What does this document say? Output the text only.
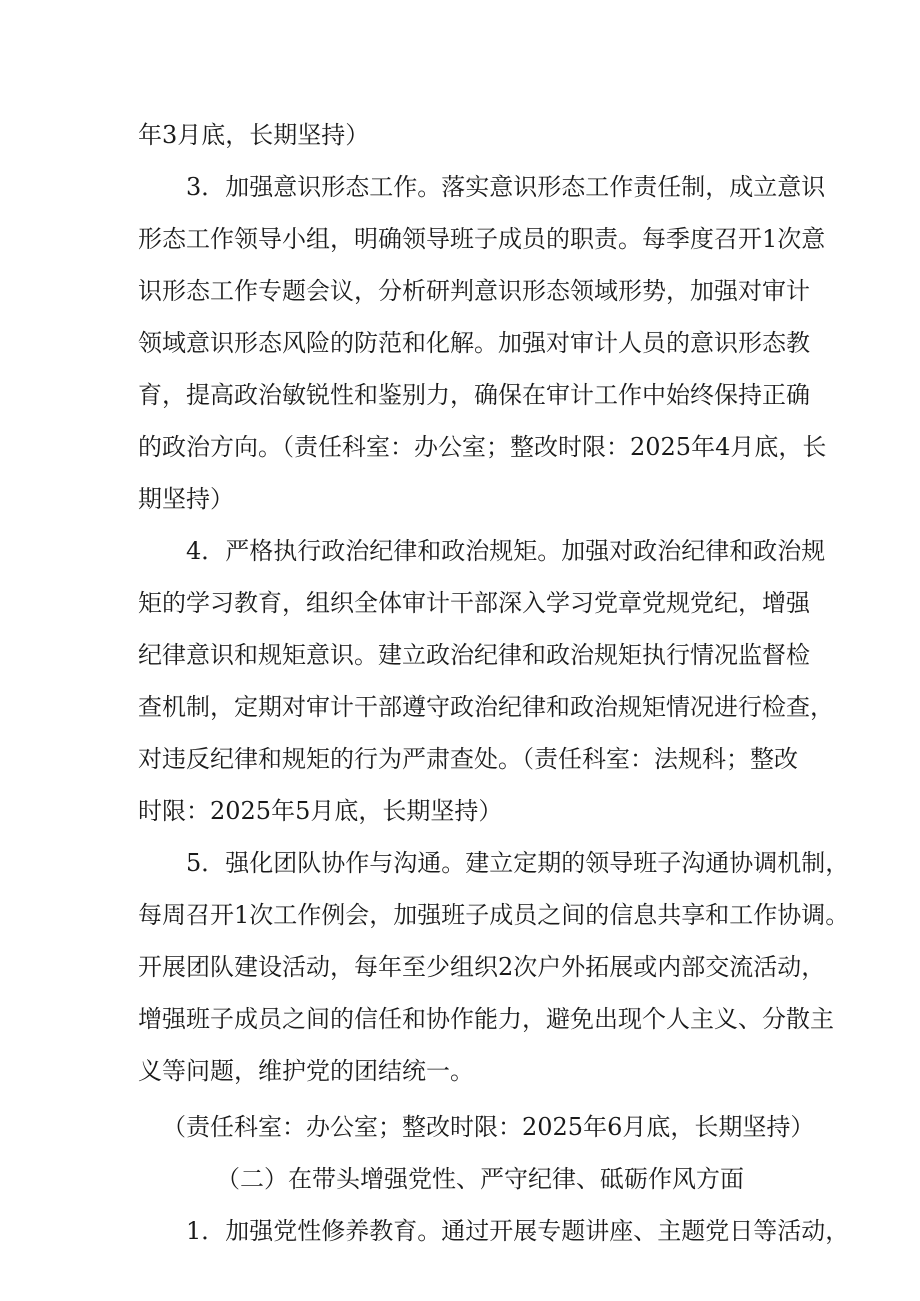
年3月底，长期坚持）

3．加强意识形态工作。落实意识形态工作责任制，成立意识

形态工作领导小组，明确领导班子成员的职责。每季度召开1次意

识形态工作专题会议，分析研判意识形态领域形势，加强对审计

领域意识形态风险的防范和化解。加强对审计人员的意识形态教

育，提高政治敏锐性和鉴别力，确保在审计工作中始终保持正确

的政治方向。（责任科室：办公室；整改时限：2025年4月底，长

期坚持）

4．严格执行政治纪律和政治规矩。加强对政治纪律和政治规

矩的学习教育，组织全体审计干部深入学习党章党规党纪，增强

纪律意识和规矩意识。建立政治纪律和政治规矩执行情况监督检

查机制，定期对审计干部遵守政治纪律和政治规矩情况进行检查，

对违反纪律和规矩的行为严肃查处。（责任科室：法规科；整改

时限：2025年5月底，长期坚持）

5．强化团队协作与沟通。建立定期的领导班子沟通协调机制，

每周召开1次工作例会，加强班子成员之间的信息共享和工作协调。

开展团队建设活动，每年至少组织2次户外拓展或内部交流活动，

增强班子成员之间的信任和协作能力，避免出现个人主义、分散主

义等问题，维护党的团结统一。

（责任科室：办公室；整改时限：2025年6月底，长期坚持）

（二）在带头增强党性、严守纪律、砥砺作风方面

1．加强党性修养教育。通过开展专题讲座、主题党日等活动，
